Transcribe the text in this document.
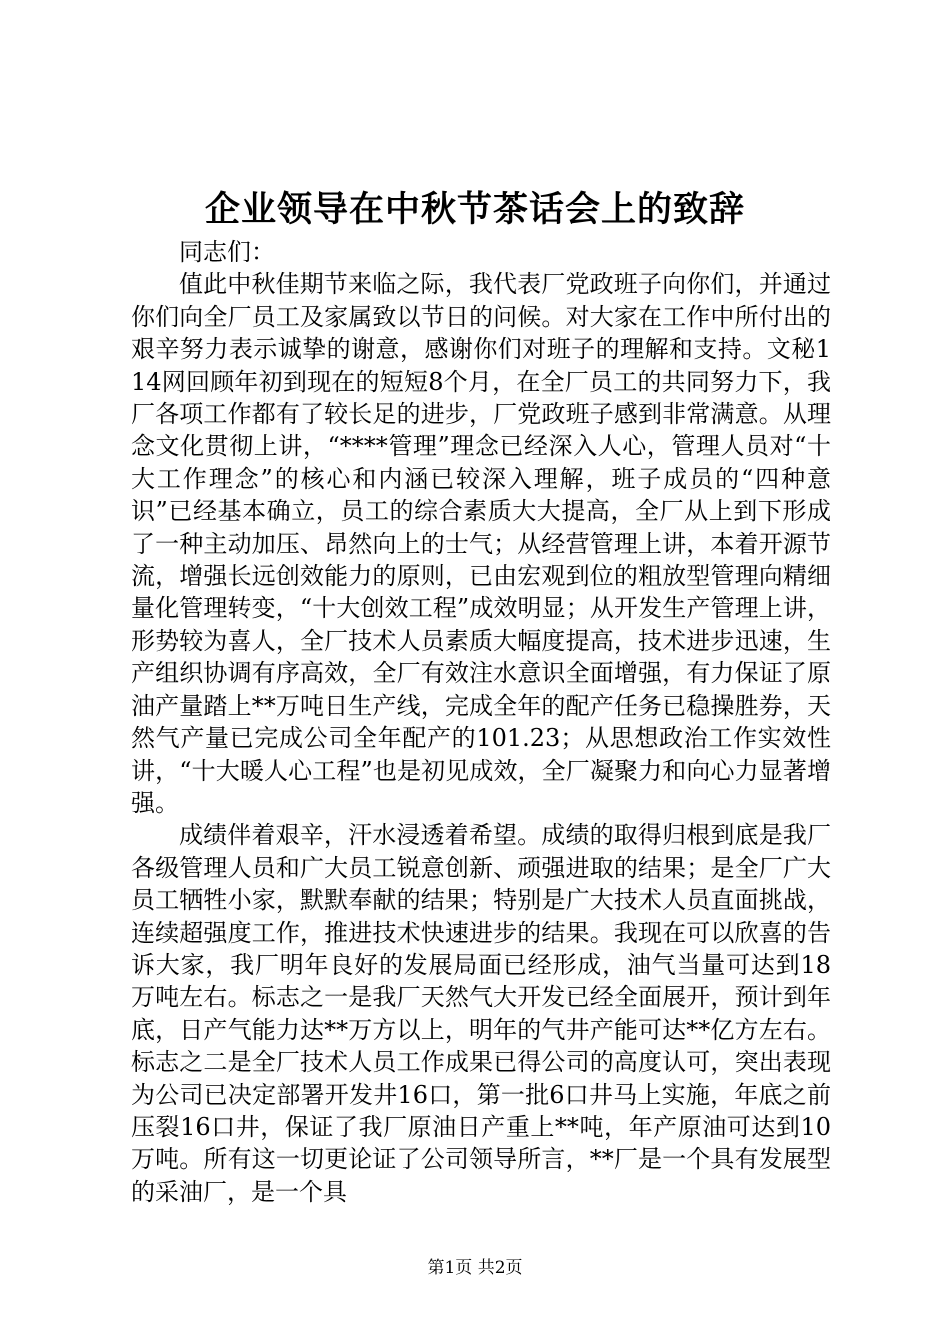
企业领导在中秋节茶话会上的致辞

同志们：

值此中秋佳期节来临之际，我代表厂党政班子向你们，并通过你们向全厂员工及家属致以节日的问候。对大家在工作中所付出的艰辛努力表示诚挚的谢意，感谢你们对班子的理解和支持。文秘114网回顾年初到现在的短短8个月，在全厂员工的共同努力下，我厂各项工作都有了较长足的进步，厂党政班子感到非常满意。从理念文化贯彻上讲，“****管理”理念已经深入人心，管理人员对“十大工作理念”的核心和内涵已较深入理解，班子成员的“四种意识”已经基本确立，员工的综合素质大大提高，全厂从上到下形成了一种主动加压、昂然向上的士气；从经营管理上讲，本着开源节流，增强长远创效能力的原则，已由宏观到位的粗放型管理向精细量化管理转变，“十大创效工程”成效明显；从开发生产管理上讲，形势较为喜人，全厂技术人员素质大幅度提高，技术进步迅速，生产组织协调有序高效，全厂有效注水意识全面增强，有力保证了原油产量踏上**万吨日生产线，完成全年的配产任务已稳操胜券，天然气产量已完成公司全年配产的101.23；从思想政治工作实效性讲，“十大暖人心工程”也是初见成效，全厂凝聚力和向心力显著增强。

成绩伴着艰辛，汗水浸透着希望。成绩的取得归根到底是我厂各级管理人员和广大员工锐意创新、顽强进取的结果；是全厂广大员工牺牲小家，默默奉献的结果；特别是广大技术人员直面挑战，连续超强度工作，推进技术快速进步的结果。我现在可以欣喜的告诉大家，我厂明年良好的发展局面已经形成，油气当量可达到18万吨左右。标志之一是我厂天然气大开发已经全面展开，预计到年底，日产气能力达**万方以上，明年的气井产能可达**亿方左右。标志之二是全厂技术人员工作成果已得公司的高度认可，突出表现为公司已决定部署开发井16口，第一批6口井马上实施，年底之前压裂16口井，保证了我厂原油日产重上**吨，年产原油可达到10万吨。所有这一切更论证了公司领导所言，**厂是一个具有发展型的采油厂，是一个具

第1页 共2页
